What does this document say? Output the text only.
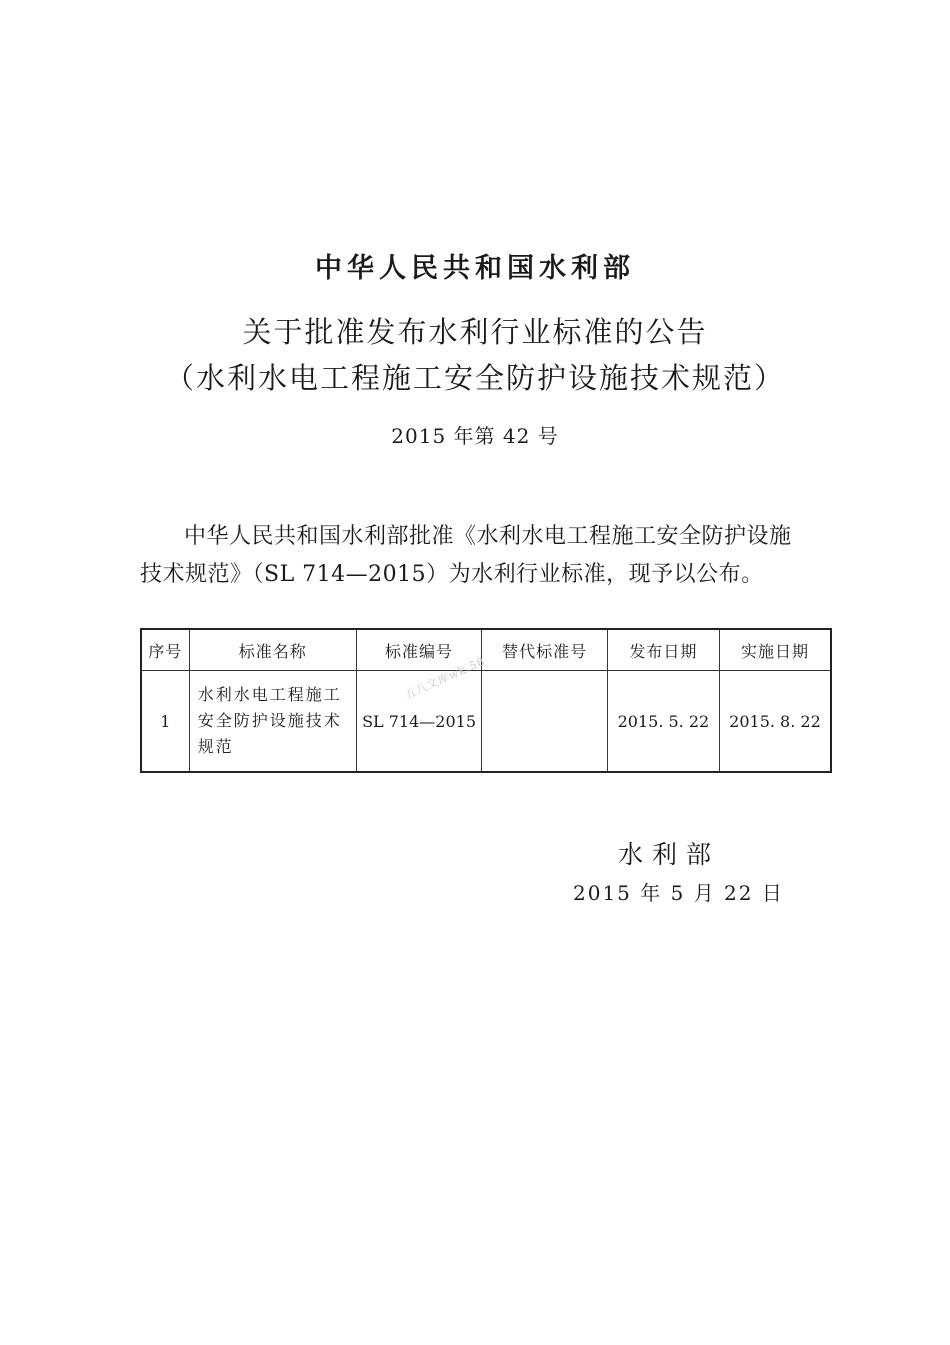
中华人民共和国水利部
关于批准发布水利行业标准的公告
（水利水电工程施工安全防护设施技术规范）
2015 年第 42 号

中华人民共和国水利部批准《水利水电工程施工安全防护设施技术规范》（SL 714—2015）为水利行业标准，现予以公布。

序号	标准名称	标准编号	替代标准号	发布日期	实施日期
1	水利水电工程施工安全防护设施技术规范	SL 714—2015		2015. 5. 22	2015. 8. 22
五八文库wk.58
水利部
2015 年 5 月 22 日
